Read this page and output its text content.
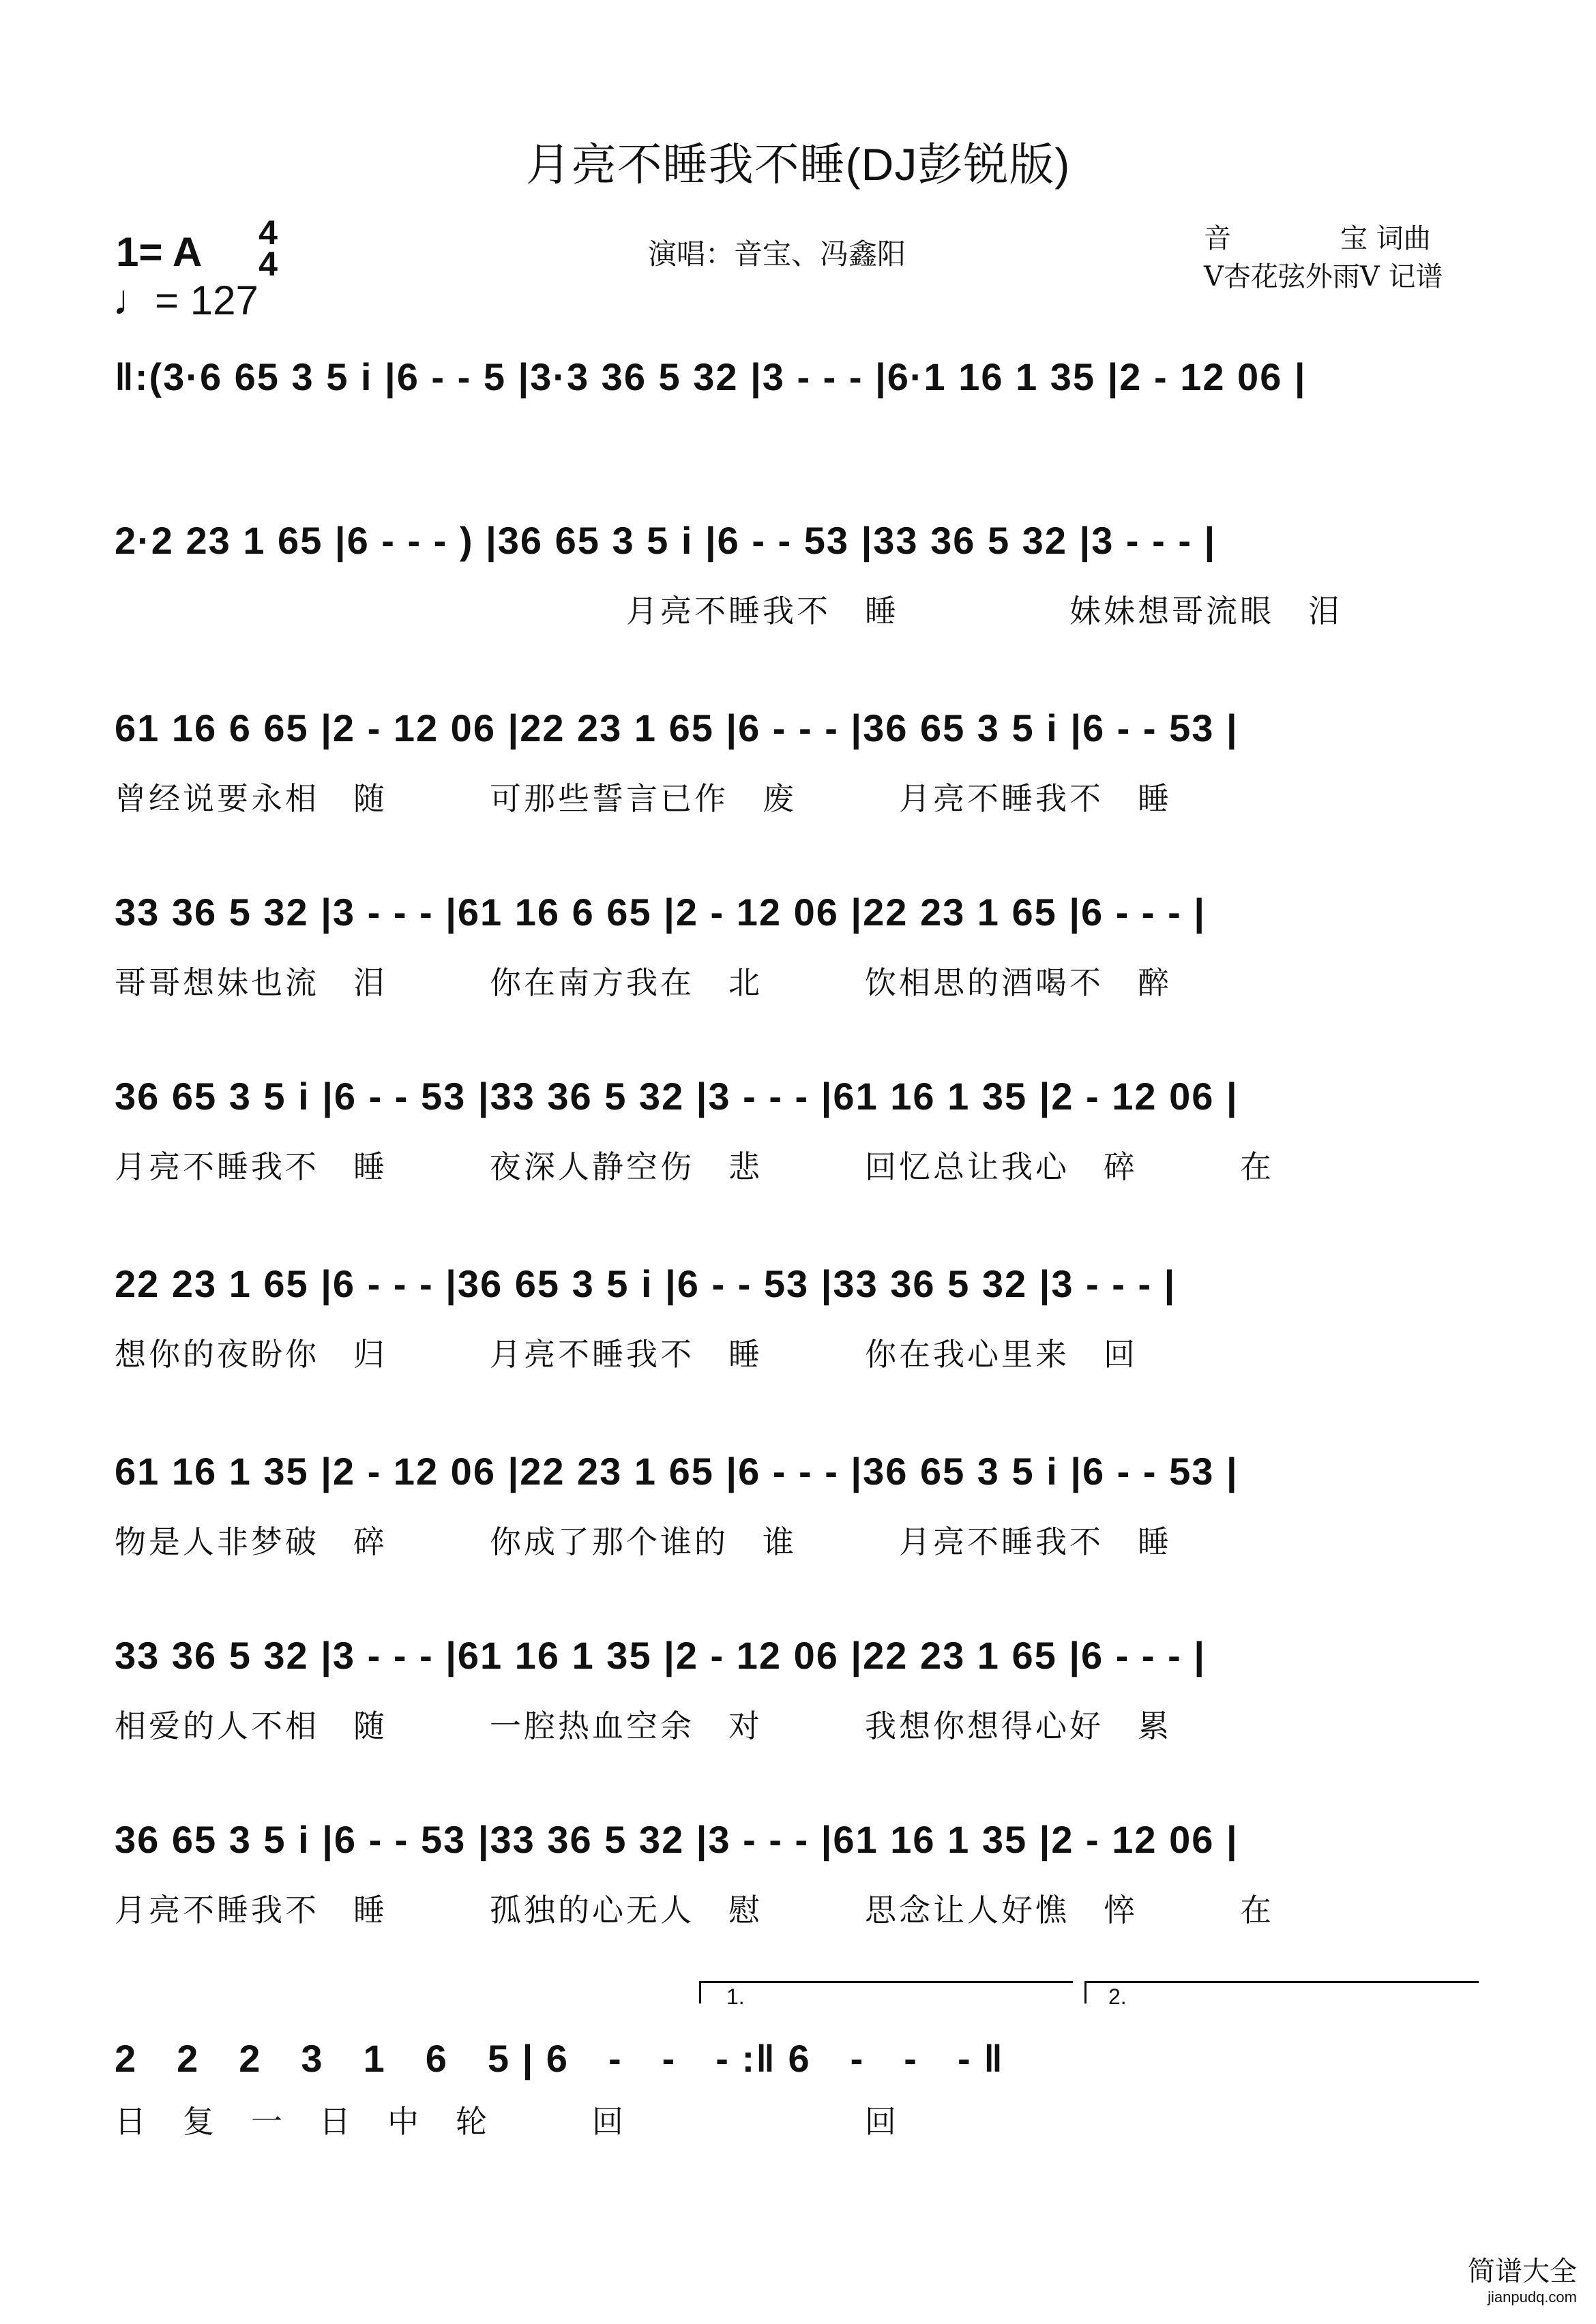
月亮不睡我不睡(DJ彭锐版)
1= A 4
4
♩= 127
演唱：音宝、冯鑫阳	音　　　　宝 词曲
V杏花弦外雨V 记谱
‖:(3·6 65 3 5 i |6 - - 5 |3·3 36 5 32 |3 - - - |6·1 16 1 35 |2 - 12 06 |
2·2 23 1 65 |6 - - - ) |36 65 3 5 i |6 - - 53 |33 36 5 32 |3 - - - |
　　　　　　　　　　　　　　　月亮不睡我不　睡　　　　　妹妹想哥流眼　泪
61 16 6 65 |2 - 12 06 |22 23 1 65 |6 - - - |36 65 3 5 i |6 - - 53 |
曾经说要永相　随　　　可那些誓言已作　废　　　月亮不睡我不　睡
33 36 5 32 |3 - - - |61 16 6 65 |2 - 12 06 |22 23 1 65 |6 - - - |
哥哥想妹也流　泪　　　你在南方我在　北　　　饮相思的酒喝不　醉
36 65 3 5 i |6 - - 53 |33 36 5 32 |3 - - - |61 16 1 35 |2 - 12 06 |
月亮不睡我不　睡　　　夜深人静空伤　悲　　　回忆总让我心　碎　　　在
22 23 1 65 |6 - - - |36 65 3 5 i |6 - - 53 |33 36 5 32 |3 - - - |
想你的夜盼你　归　　　月亮不睡我不　睡　　　你在我心里来　回
61 16 1 35 |2 - 12 06 |22 23 1 65 |6 - - - |36 65 3 5 i |6 - - 53 |
物是人非梦破　碎　　　你成了那个谁的　谁　　　月亮不睡我不　睡
33 36 5 32 |3 - - - |61 16 1 35 |2 - 12 06 |22 23 1 65 |6 - - - |
相爱的人不相　随　　　一腔热血空余　对　　　我想你想得心好　累
36 65 3 5 i |6 - - 53 |33 36 5 32 |3 - - - |61 16 1 35 |2 - 12 06 |
月亮不睡我不　睡　　　孤独的心无人　慰　　　思念让人好憔　悴　　　在
1.	2.
2　2　2　3　1　6　5 | 6　-　-　- :‖ 6　-　-　- ‖
日　复　一　日　中　轮　　　回　　　　　　　回
简谱大全
jianpudq.com
